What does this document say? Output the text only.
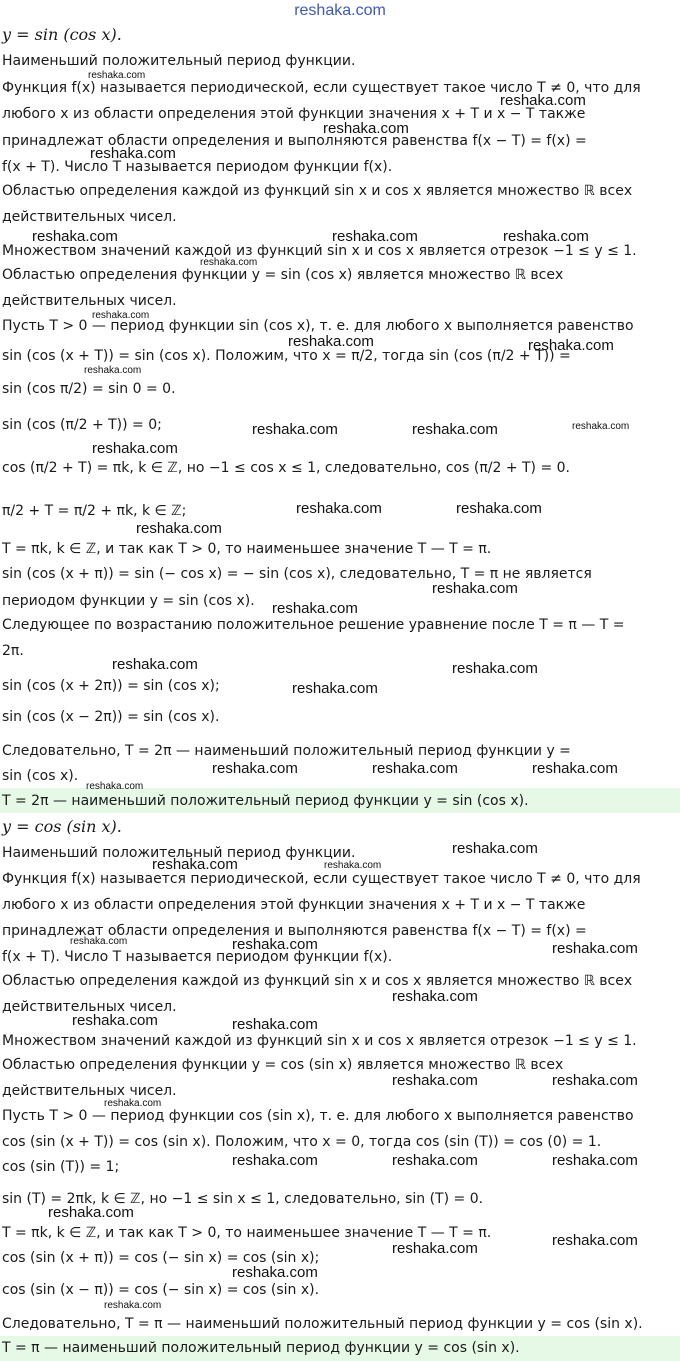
reshaka.com
y = sin (cos x).
Наименьший положительный период функции.
Функция f(x) называется периодической, если существует такое число T ≠ 0, что для
любого x из области определения этой функции значения x + T и x − T также
принадлежат области определения и выполняются равенства f(x − T) = f(x) =
f(x + T). Число T называется периодом функции f(x).
Областью определения каждой из функций sin x и cos x является множество ℝ всех
действительных чисел.
Множеством значений каждой из функций sin x и cos x является отрезок −1 ≤ y ≤ 1.
Областью определения функции y = sin (cos x) является множество ℝ всех
действительных чисел.
Пусть T > 0 — период функции sin (cos x), т. е. для любого x выполняется равенство
sin (cos (x + T)) = sin (cos x). Положим, что x = π/2, тогда sin (cos (π/2 + T)) =
sin (cos π/2) = sin 0 = 0.
sin (cos (π/2 + T)) = 0;
cos (π/2 + T) = πk, k ∈ ℤ, но −1 ≤ cos x ≤ 1, следовательно, cos (π/2 + T) = 0.
π/2 + T = π/2 + πk, k ∈ ℤ;
T = πk, k ∈ ℤ, и так как T > 0, то наименьшее значение T — T = π.
sin (cos (x + π)) = sin (− cos x) = − sin (cos x), следовательно, T = π не является
периодом функции y = sin (cos x).
Следующее по возрастанию положительное решение уравнение после T = π — T =
2π.
sin (cos (x + 2π)) = sin (cos x);
sin (cos (x − 2π)) = sin (cos x).
Следовательно, T = 2π — наименьший положительный период функции y =
sin (cos x).
T = 2π — наименьший положительный период функции y = sin (cos x).
y = cos (sin x).
Наименьший положительный период функции.
Функция f(x) называется периодической, если существует такое число T ≠ 0, что для
любого x из области определения этой функции значения x + T и x − T также
принадлежат области определения и выполняются равенства f(x − T) = f(x) =
f(x + T). Число T называется периодом функции f(x).
Областью определения каждой из функций sin x и cos x является множество ℝ всех
действительных чисел.
Множеством значений каждой из функций sin x и cos x является отрезок −1 ≤ y ≤ 1.
Областью определения функции y = cos (sin x) является множество ℝ всех
действительных чисел.
Пусть T > 0 — период функции cos (sin x), т. е. для любого x выполняется равенство
cos (sin (x + T)) = cos (sin x). Положим, что x = 0, тогда cos (sin (T)) = cos (0) = 1.
cos (sin (T)) = 1;
sin (T) = 2πk, k ∈ ℤ, но −1 ≤ sin x ≤ 1, следовательно, sin (T) = 0.
T = πk, k ∈ ℤ, и так как T > 0, то наименьшее значение T — T = π.
cos (sin (x + π)) = cos (− sin x) = cos (sin x);
cos (sin (x − π)) = cos (− sin x) = cos (sin x).
Следовательно, T = π — наименьший положительный период функции y = cos (sin x).
T = π — наименьший положительный период функции y = cos (sin x).
reshaka.com
reshaka.com
reshaka.com
reshaka.com
reshaka.com	reshaka.com	reshaka.com
reshaka.com
reshaka.com
reshaka.com	reshaka.com
reshaka.com
reshaka.com	reshaka.com	reshaka.com
reshaka.com
reshaka.com	reshaka.com
reshaka.com
reshaka.com
reshaka.com
reshaka.com	reshaka.com
reshaka.com
reshaka.com	reshaka.com	reshaka.com
reshaka.com
reshaka.com
reshaka.com	reshaka.com
reshaka.com	reshaka.com	reshaka.com
reshaka.com
reshaka.com	reshaka.com
reshaka.com	reshaka.com
reshaka.com
reshaka.com	reshaka.com	reshaka.com
reshaka.com
reshaka.com
reshaka.com
reshaka.com
reshaka.com
